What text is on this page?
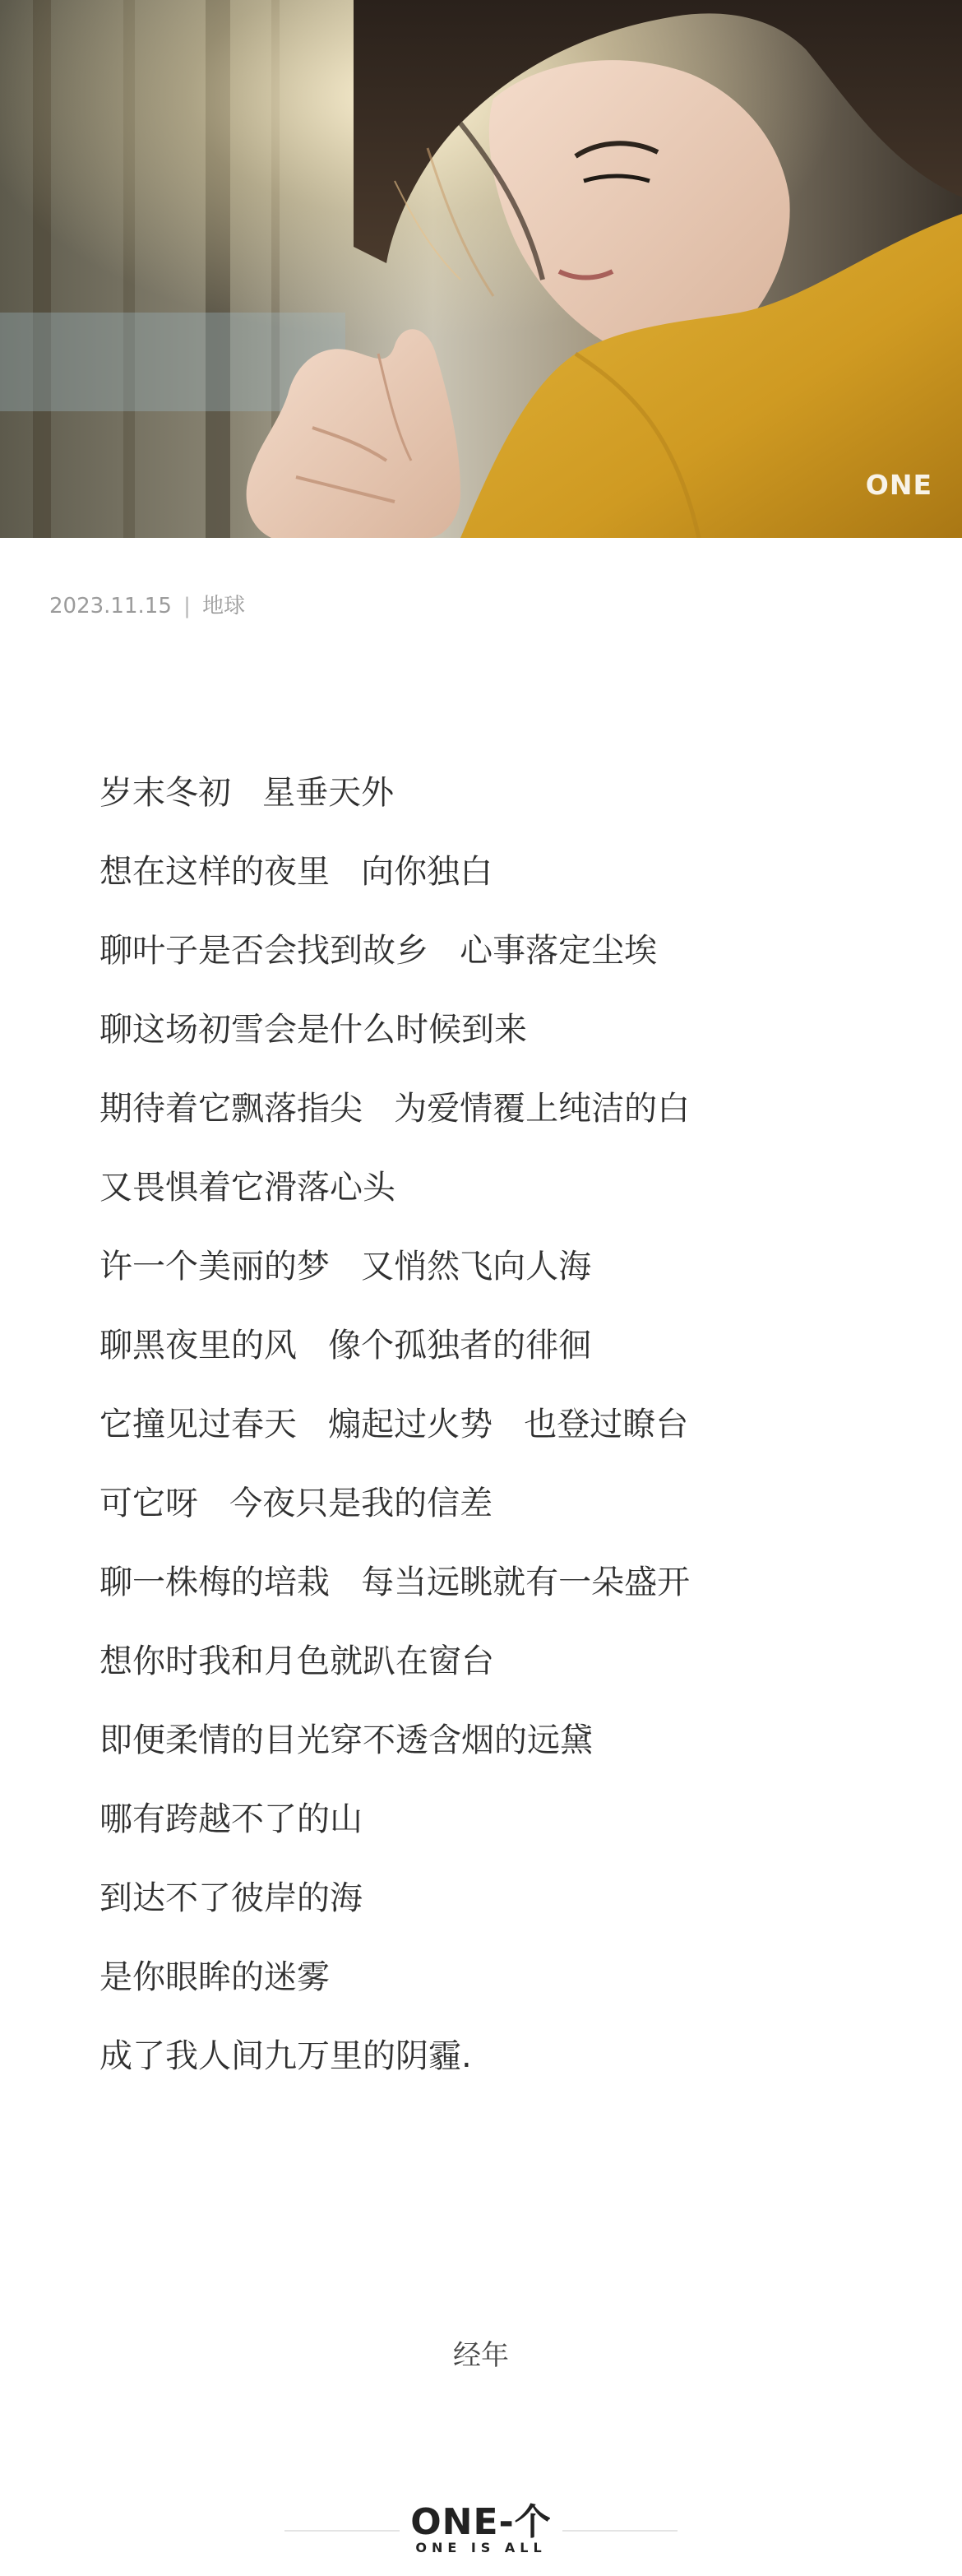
ONE
2023.11.15 | 地球
岁末冬初   星垂天外
想在这样的夜里   向你独白
聊叶子是否会找到故乡   心事落定尘埃
聊这场初雪会是什么时候到来
期待着它飘落指尖   为爱情覆上纯洁的白
又畏惧着它滑落心头
许一个美丽的梦   又悄然飞向人海
聊黑夜里的风   像个孤独者的徘徊
它撞见过春天   煽起过火势   也登过瞭台
可它呀   今夜只是我的信差
聊一株梅的培栽   每当远眺就有一朵盛开
想你时我和月色就趴在窗台
即便柔情的目光穿不透含烟的远黛
哪有跨越不了的山
到达不了彼岸的海
是你眼眸的迷雾
成了我人间九万里的阴霾.
经年
ONE-个
ONE IS ALL
